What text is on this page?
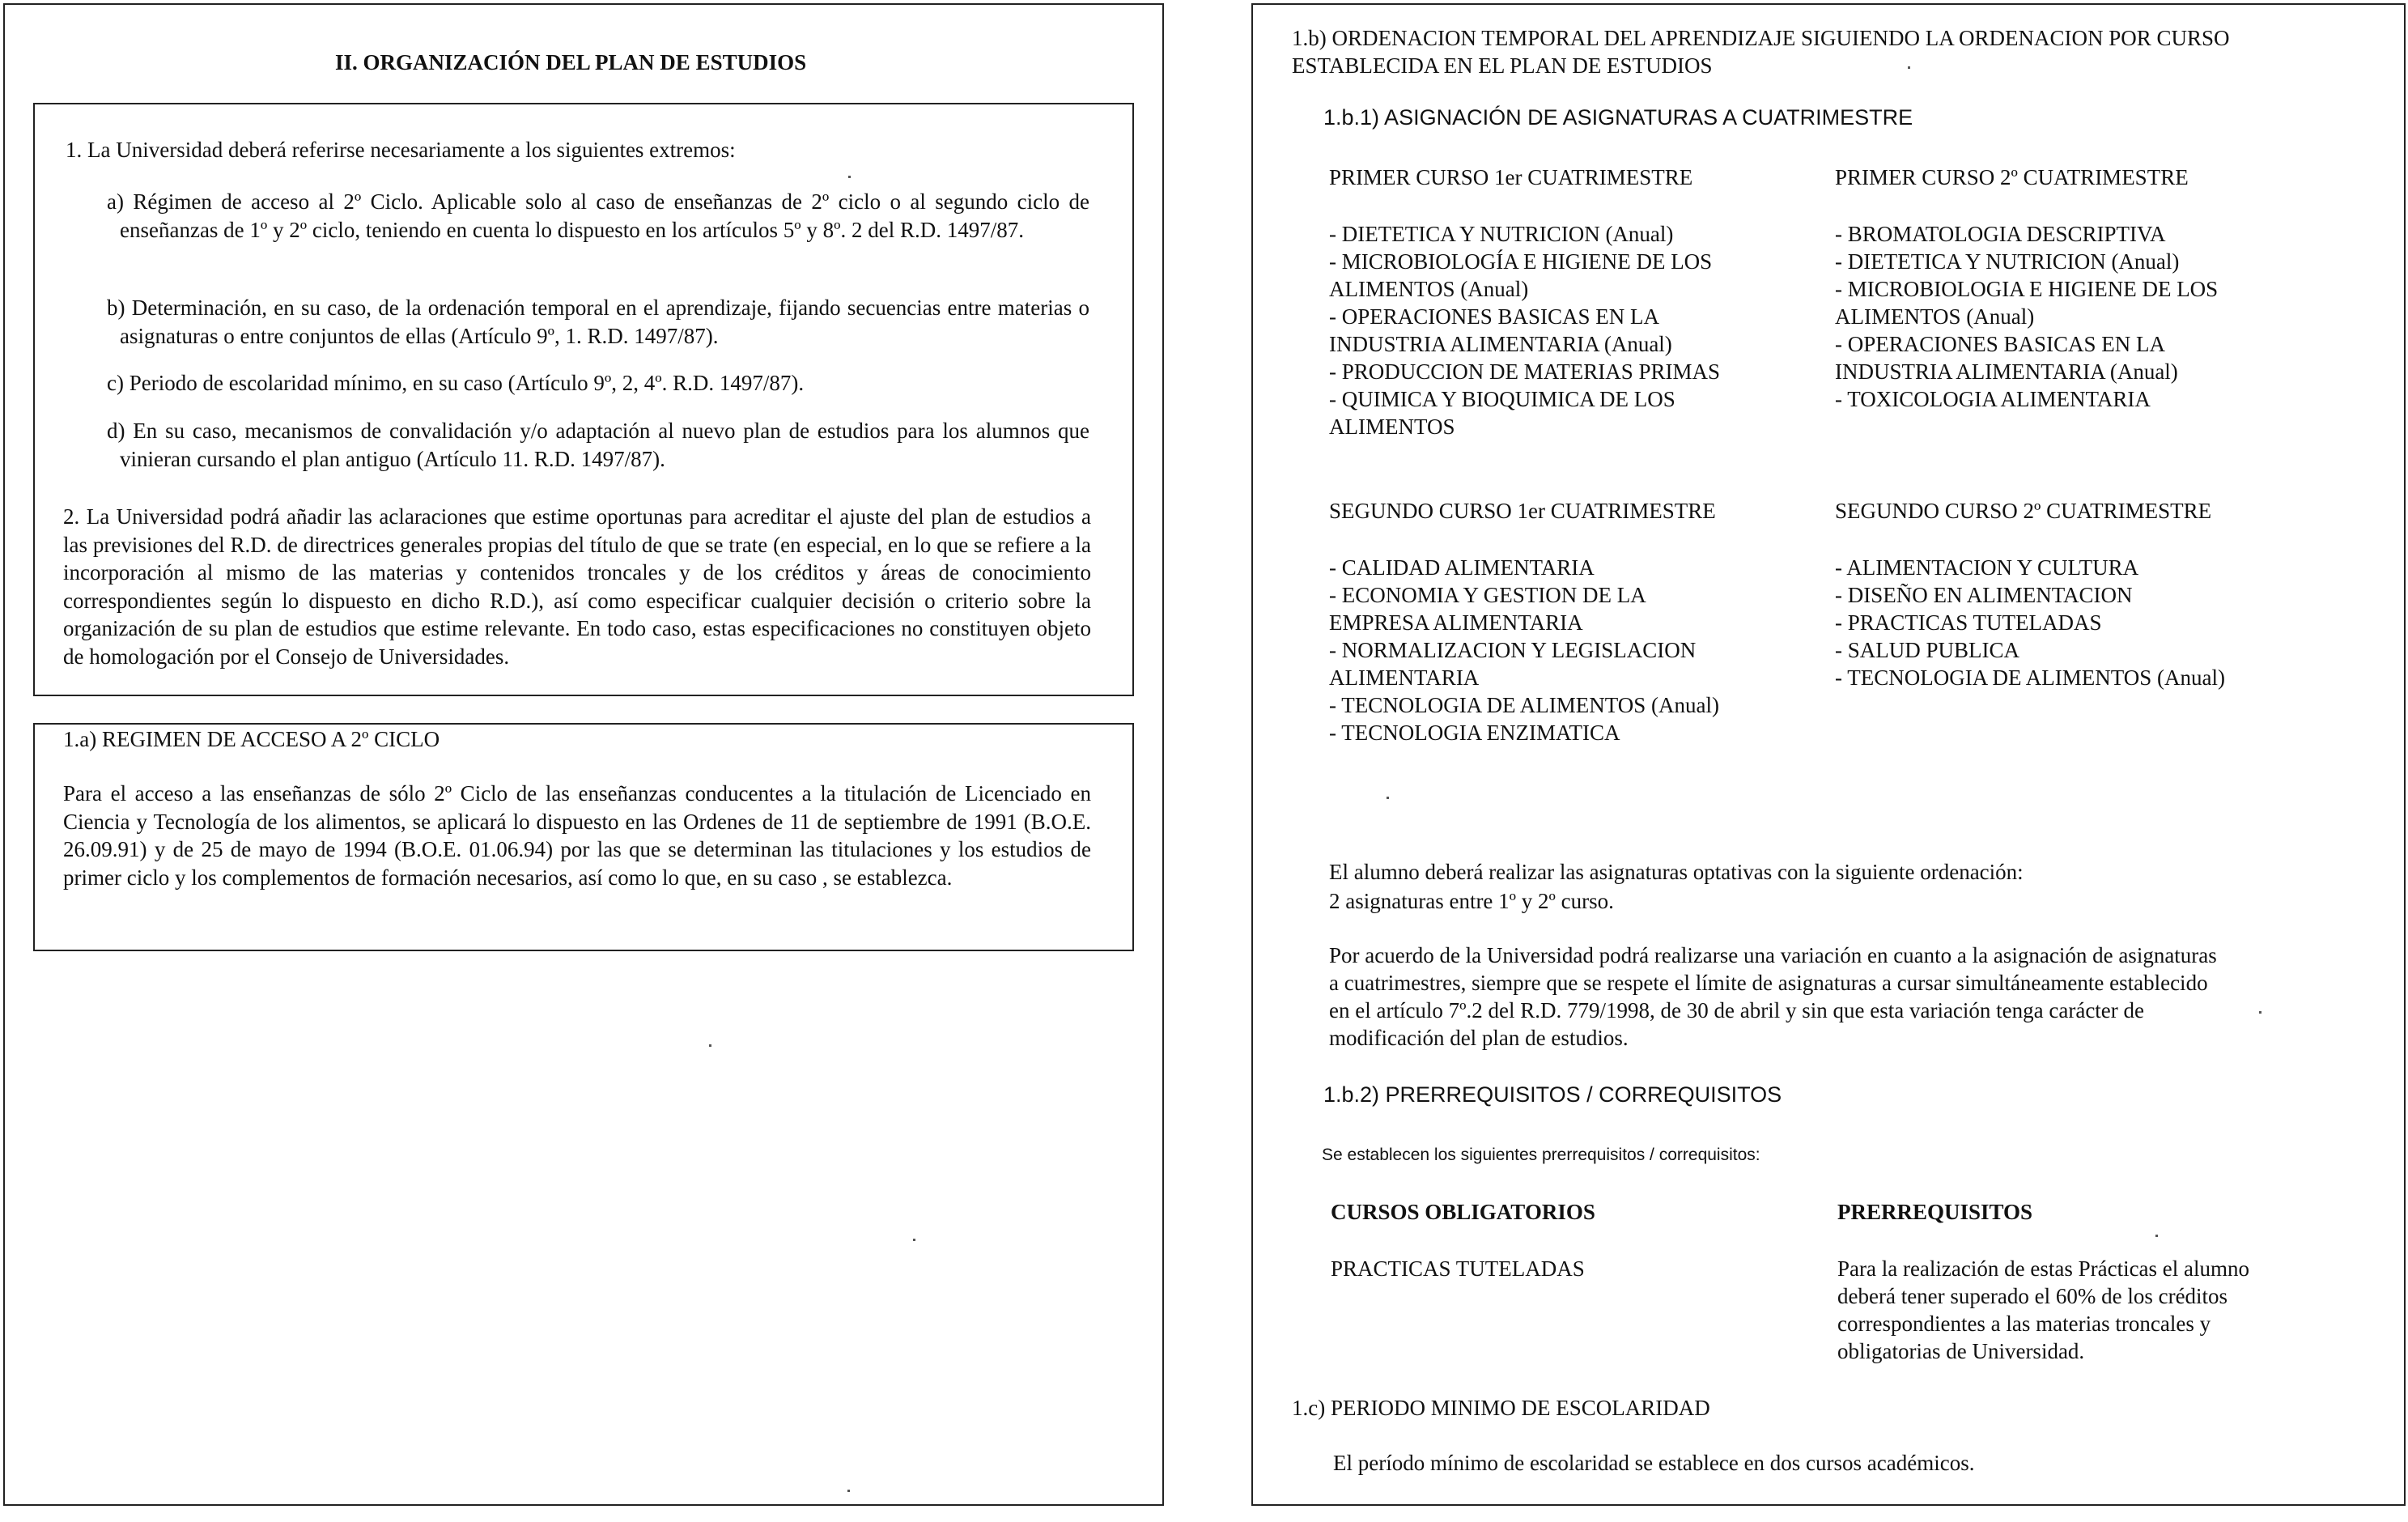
II. ORGANIZACIÓN DEL PLAN DE ESTUDIOS
1. La Universidad deberá referirse necesariamente a los siguientes extremos:
a) Régimen de acceso al 2º Ciclo. Aplicable solo al caso de enseñanzas de 2º ciclo o al segundo ciclo de enseñanzas de 1º y 2º ciclo, teniendo en cuenta lo dispuesto en los artículos 5º y 8º. 2 del R.D. 1497/87.
b) Determinación, en su caso, de la ordenación temporal en el aprendizaje, fijando secuencias entre materias o asignaturas o entre conjuntos de ellas (Artículo 9º, 1. R.D. 1497/87).
c) Periodo de escolaridad mínimo, en su caso (Artículo 9º, 2, 4º. R.D. 1497/87).
d) En su caso, mecanismos de convalidación y/o adaptación al nuevo plan de estudios para los alumnos que vinieran cursando el plan antiguo (Artículo 11. R.D. 1497/87).
2. La Universidad podrá añadir las aclaraciones que estime oportunas para acreditar el ajuste del plan de estudios a las previsiones del R.D. de directrices generales propias del título de que se trate (en especial, en lo que se refiere a la incorporación al mismo de las materias y contenidos troncales y de los créditos y áreas de conocimiento correspondientes según lo dispuesto en dicho R.D.), así como especificar cualquier decisión o criterio sobre la organización de su plan de estudios que estime relevante. En todo caso, estas especificaciones no constituyen objeto de homologación por el Consejo de Universidades.
1.a) REGIMEN DE ACCESO A 2º CICLO
Para el acceso a las enseñanzas de sólo 2º Ciclo de las enseñanzas conducentes a la titulación de Licenciado en Ciencia y Tecnología de los alimentos, se aplicará lo dispuesto en las Ordenes de 11 de septiembre de 1991 (B.O.E. 26.09.91) y de 25 de mayo de 1994 (B.O.E. 01.06.94) por las que se determinan las titulaciones y los estudios de primer ciclo y los complementos de formación necesarios, así como lo que, en su caso , se establezca.
1.b) ORDENACION TEMPORAL DEL APRENDIZAJE SIGUIENDO LA ORDENACION POR CURSO
ESTABLECIDA EN EL PLAN DE ESTUDIOS
1.b.1) ASIGNACIÓN DE ASIGNATURAS A CUATRIMESTRE
PRIMER CURSO 1er CUATRIMESTRE
- DIETETICA Y NUTRICION (Anual)
- MICROBIOLOGÍA E HIGIENE DE LOS
ALIMENTOS (Anual)
- OPERACIONES BASICAS EN LA
INDUSTRIA ALIMENTARIA (Anual)
- PRODUCCION DE MATERIAS PRIMAS
- QUIMICA Y BIOQUIMICA DE LOS
ALIMENTOS
PRIMER CURSO 2º CUATRIMESTRE
- BROMATOLOGIA DESCRIPTIVA
- DIETETICA Y NUTRICION (Anual)
- MICROBIOLOGIA E HIGIENE DE LOS
ALIMENTOS (Anual)
- OPERACIONES BASICAS EN LA
INDUSTRIA ALIMENTARIA (Anual)
- TOXICOLOGIA ALIMENTARIA
SEGUNDO CURSO 1er CUATRIMESTRE
- CALIDAD ALIMENTARIA
- ECONOMIA Y GESTION DE LA
EMPRESA ALIMENTARIA
- NORMALIZACION Y LEGISLACION
ALIMENTARIA
- TECNOLOGIA DE ALIMENTOS (Anual)
- TECNOLOGIA ENZIMATICA
SEGUNDO CURSO 2º CUATRIMESTRE
- ALIMENTACION Y CULTURA
- DISEÑO EN ALIMENTACION
- PRACTICAS TUTELADAS
- SALUD PUBLICA
- TECNOLOGIA DE ALIMENTOS (Anual)
El alumno deberá realizar las asignaturas optativas con la siguiente ordenación:
2 asignaturas entre 1º y 2º curso.
Por acuerdo de la Universidad podrá realizarse una variación en cuanto a la asignación de asignaturas
a cuatrimestres, siempre que se respete el límite de asignaturas a cursar simultáneamente establecido
en el artículo 7º.2 del R.D. 779/1998, de 30 de abril y sin que esta variación tenga carácter de
modificación del plan de estudios.
1.b.2) PRERREQUISITOS / CORREQUISITOS
Se establecen los siguientes prerrequisitos / correquisitos:
CURSOS OBLIGATORIOS	PRERREQUISITOS
PRACTICAS TUTELADAS	Para la realización de estas Prácticas el alumno
deberá tener superado el 60% de los créditos
correspondientes a las materias troncales y
obligatorias de Universidad.
1.c) PERIODO MINIMO DE ESCOLARIDAD
El período mínimo de escolaridad se establece en dos cursos académicos.
